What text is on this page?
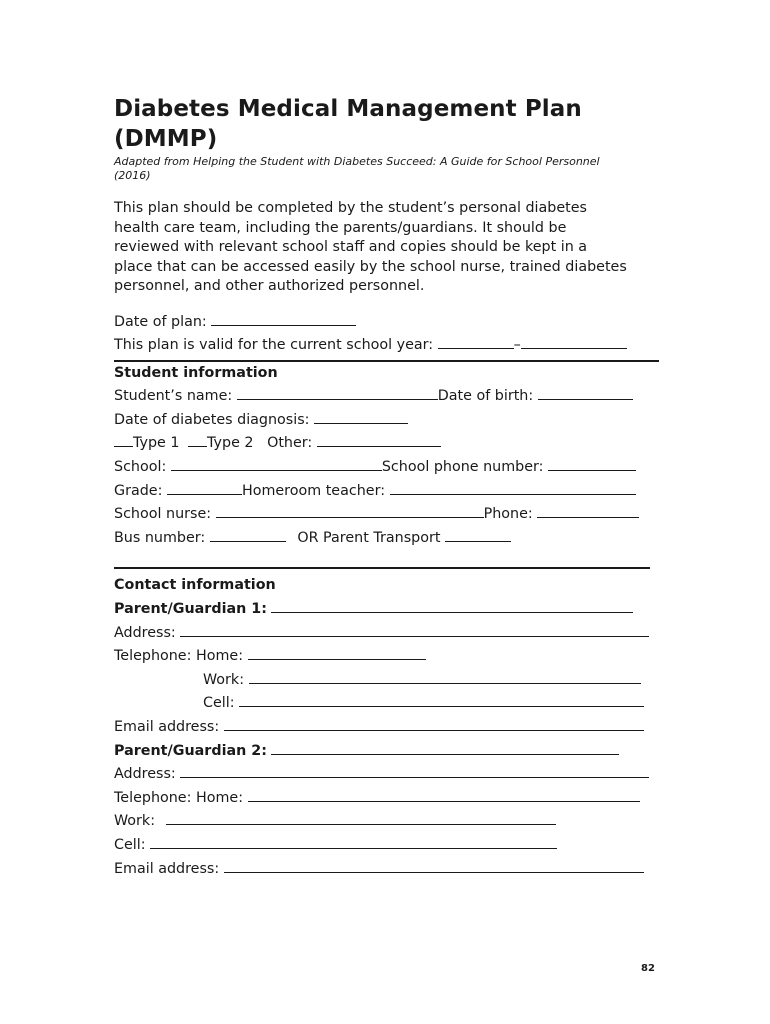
Diabetes Medical Management Plan
(DMMP)
Adapted from Helping the Student with Diabetes Succeed: A Guide for School Personnel
(2016)
This plan should be completed by the student’s personal diabetes
health care team, including the parents/guardians. It should be
reviewed with relevant school staff and copies should be kept in a
place that can be accessed easily by the school nurse, trained diabetes
personnel, and other authorized personnel.
Date of plan:
This plan is valid for the current school year:	–
Student information
Student’s name:	Date of birth:
Date of diabetes diagnosis:
Type 1 Type 2 Other:
School:	School phone number:
Grade:	Homeroom teacher:
School nurse:	Phone:
Bus number:	OR Parent Transport
Contact information
Parent/Guardian 1:
Address:
Telephone: Home:
Work:
Cell:
Email address:
Parent/Guardian 2:
Address:
Telephone: Home:
Work:
Cell:
Email address:
82
